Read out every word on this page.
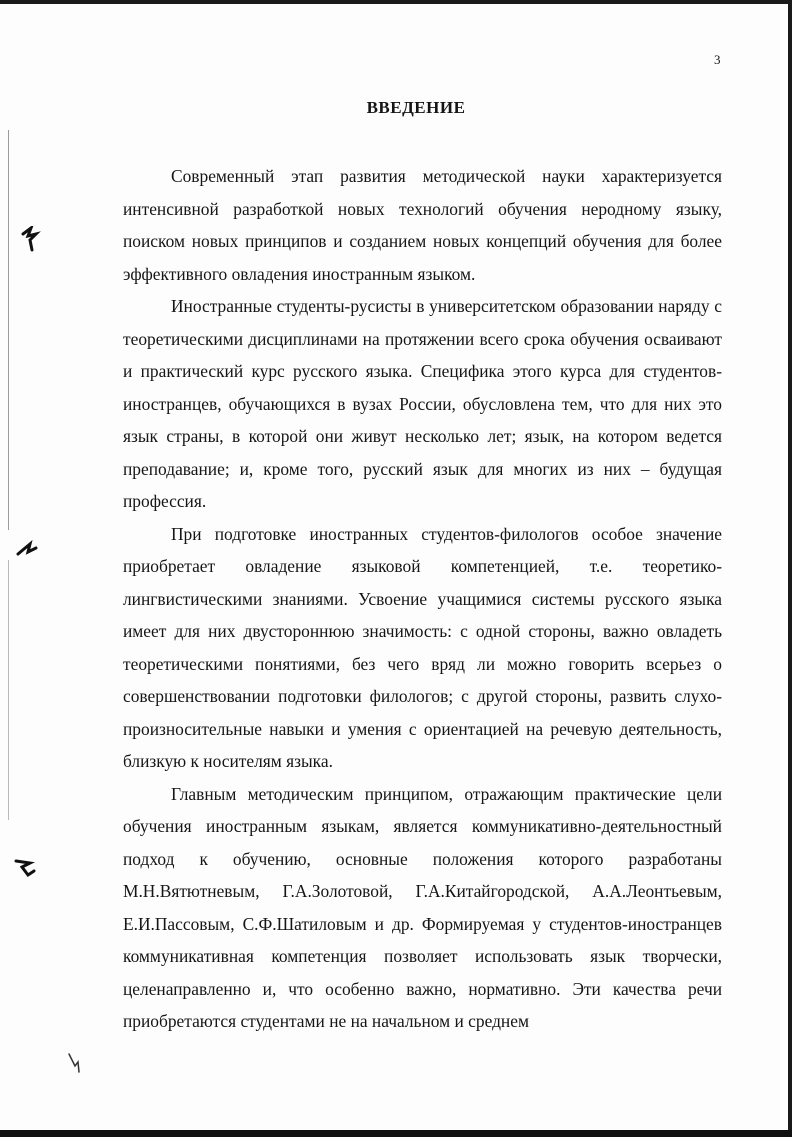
3
ВВЕДЕНИЕ

Современный этап развития методической науки характеризуется интенсивной разработкой новых технологий обучения неродному языку, поиском новых принципов и созданием новых концепций обучения для более эффективного овладения иностранным языком.

Иностранные студенты-русисты в университетском образовании наряду с теоретическими дисциплинами на протяжении всего срока обучения осваивают и практический курс русского языка. Специфика этого курса для студентов-иностранцев, обучающихся в вузах России, обусловлена тем, что для них это язык страны, в которой они живут несколько лет; язык, на котором ведется преподавание; и, кроме того, русский язык для многих из них – будущая профессия.

При подготовке иностранных студентов-филологов особое значение приобретает овладение языковой компетенцией, т.е. теоретико-лингвистическими знаниями. Усвоение учащимися системы русского языка имеет для них двустороннюю значимость: с одной стороны, важно овладеть теоретическими понятиями, без чего вряд ли можно говорить всерьез о совершенствовании подготовки филологов; с другой стороны, развить слухо-произносительные навыки и умения с ориентацией на речевую деятельность, близкую к носителям языка.

Главным методическим принципом, отражающим практические цели обучения иностранным языкам, является коммуникативно-деятельностный подход к обучению, основные положения которого разработаны М.Н.Вятютневым, Г.А.Золотовой, Г.А.Китайгородской, А.А.Леонтьевым, Е.И.Пассовым, С.Ф.Шатиловым и др. Формируемая у студентов-иностранцев коммуникативная компетенция позволяет использовать язык творчески, целенаправленно и, что особенно важно, нормативно. Эти качества речи приобретаются студентами не на начальном и среднем
